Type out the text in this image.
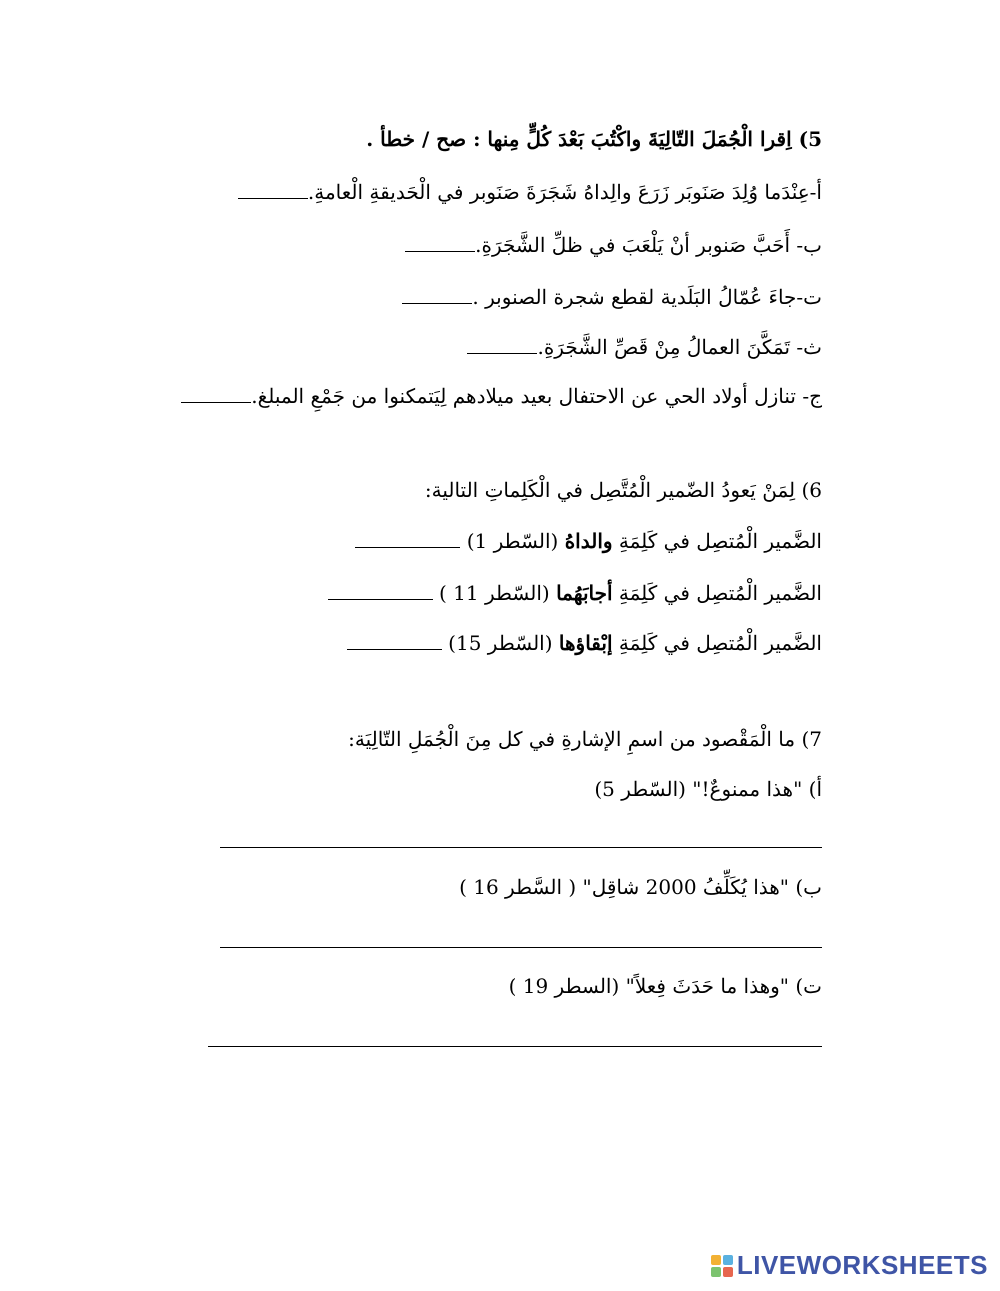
5) اِقرا الْجُمَلَ التّالِيَةَ واكْتُبَ بَعْدَ كُلٍّ مِنها : صح / خطأ .
أ-عِنْدَما وُلِدَ صَنَوبَر زَرَعَ والِداهُ شَجَرَةَ صَنَوبر في الْحَديقةِ الْعامةِ.
ب- أَحَبَّ صَنوبر أنْ يَلْعَبَ في ظلِّ الشَّجَرَةِ.
ت-جاءَ عُمّالُ البَلَدية لقطع شجرة الصنوبر .
ث- تَمَكَّنَ العمالُ مِنْ قَصِّ الشَّجَرَةِ.
ج- تنازل أولاد الحي عن الاحتفال بعيد ميلادهم لِيَتمكنوا من جَمْعِ المبلغ.
6) لِمَنْ يَعودُ الضّمير الْمُتَّصِل في الْكَلِماتِ التالية:
الضَّمير الْمُتصِل في كَلِمَةِ والداهُ (السّطر 1)
الضَّمير الْمُتصِل في كَلِمَةِ أجابَهُما (السّطر 11 )
الضَّمير الْمُتصِل في كَلِمَةِ إبْقاؤها (السّطر 15)
7) ما الْمَقْصود من اسمِ الإشارةِ في كل مِنَ الْجُمَلِ التّالِيَة:
أ) "هذا ممنوعٌ!" (السّطر 5)
ب) "هذا يُكَلِّفُ 2000 شاقِل" ( السَّطر 16 )
ت) "وهذا ما حَدَثَ فِعلاً" (السطر 19 )
LIVEWORKSHEETS
